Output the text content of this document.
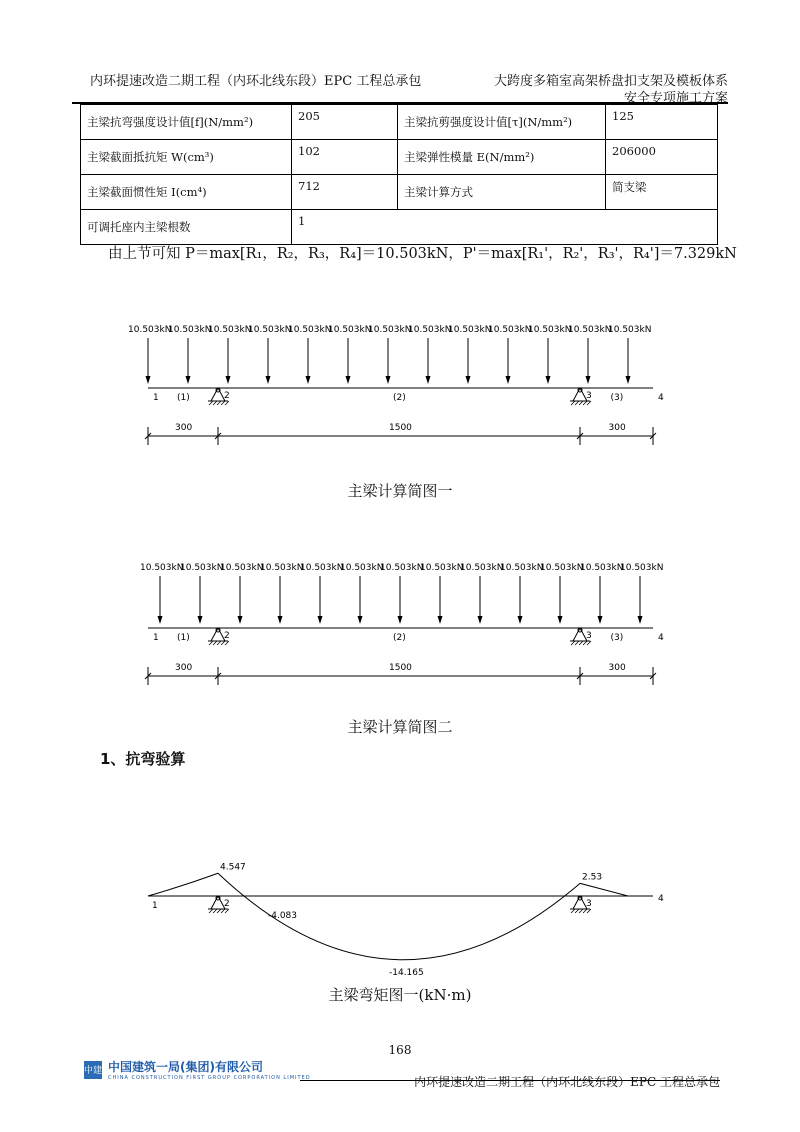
内环提速改造二期工程（内环北线东段）EPC 工程总承包	大跨度多箱室高架桥盘扣支架及模板体系
安全专项施工方案
主梁抗弯强度设计值[f](N/mm²)	205	主梁抗剪强度设计值[τ](N/mm²)	125
主梁截面抵抗矩 W(cm³)	102	主梁弹性模量 E(N/mm²)	206000
主梁截面惯性矩 I(cm⁴)	712	主梁计算方式	简支梁
可调托座内主梁根数	1		
由上节可知 P＝max[R₁，R₂，R₃，R₄]＝10.503kN，P'＝max[R₁'，R₂'，R₃'，R₄']＝7.329kN
10.503kN
10.503kN
10.503kN
10.503kN
10.503kN
10.503kN
10.503kN
10.503kN
10.503kN
10.503kN
10.503kN
10.503kN
10.503kN
1	2	3	4
(1)	(2)	(3)
300	1500	300
主梁计算简图一
10.503kN
10.503kN
10.503kN
10.503kN
10.503kN
10.503kN
10.503kN
10.503kN
10.503kN
10.503kN
10.503kN
10.503kN
10.503kN
1	2	3	4
(1)	(2)	(3)
300	1500	300
主梁计算简图二
1、抗弯验算
1	2	3	4
4.547
-4.083
-14.165
2.53
主梁弯矩图一(kN·m)
168
中建 中国建筑一局(集团)有限公司
CHINA CONSTRUCTION FIRST GROUP CORPORATION LIMITED	内环提速改造二期工程（内环北线东段）EPC 工程总承包
